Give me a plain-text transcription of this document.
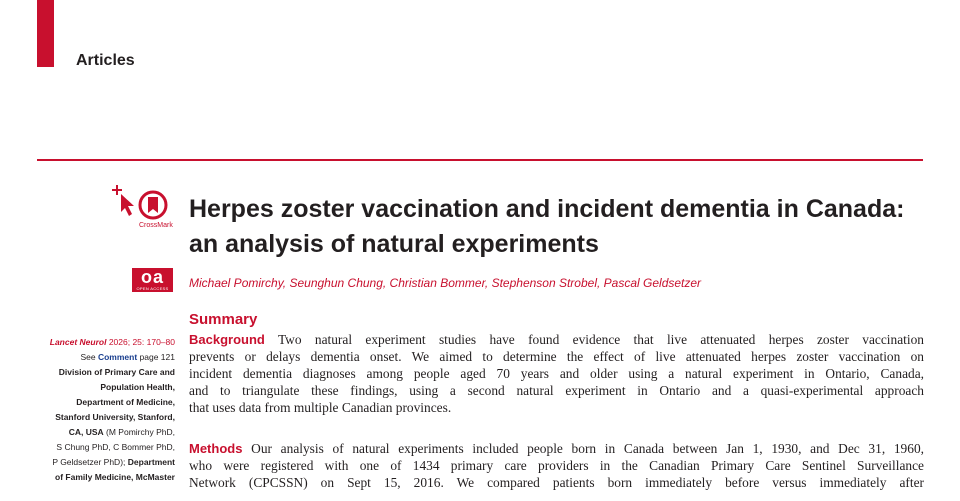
Articles
CrossMark
Herpes zoster vaccination and incident dementia in Canada:
an analysis of natural experiments
oa
OPEN ACCESS	Michael Pomirchy, Seunghun Chung, Christian Bommer, Stephenson Strobel, Pascal Geldsetzer
Summary
Lancet Neurol 2026; 25: 170–80
See Comment page 121
Division of Primary Care and
Population Health,
Department of Medicine,
Stanford University, Stanford,
CA, USA (M Pomirchy PhD,
S Chung PhD, C Bommer PhD,
P Geldsetzer PhD); Department
of Family Medicine, McMaster
Background Two natural experiment studies have found evidence that live attenuated herpes zoster vaccination
prevents or delays dementia onset. We aimed to determine the effect of live attenuated herpes zoster vaccination on
incident dementia diagnoses among people aged 70 years and older using a natural experiment in Ontario, Canada,
and to triangulate these findings, using a second natural experiment in Ontario and a quasi-experimental approach
that uses data from multiple Canadian provinces.
Methods Our analysis of natural experiments included people born in Canada between Jan 1, 1930, and Dec 31, 1960,
who were registered with one of 1434 primary care providers in the Canadian Primary Care Sentinel Surveillance
Network (CPCSSN) on Sept 15, 2016. We compared patients born immediately before versus immediately after
